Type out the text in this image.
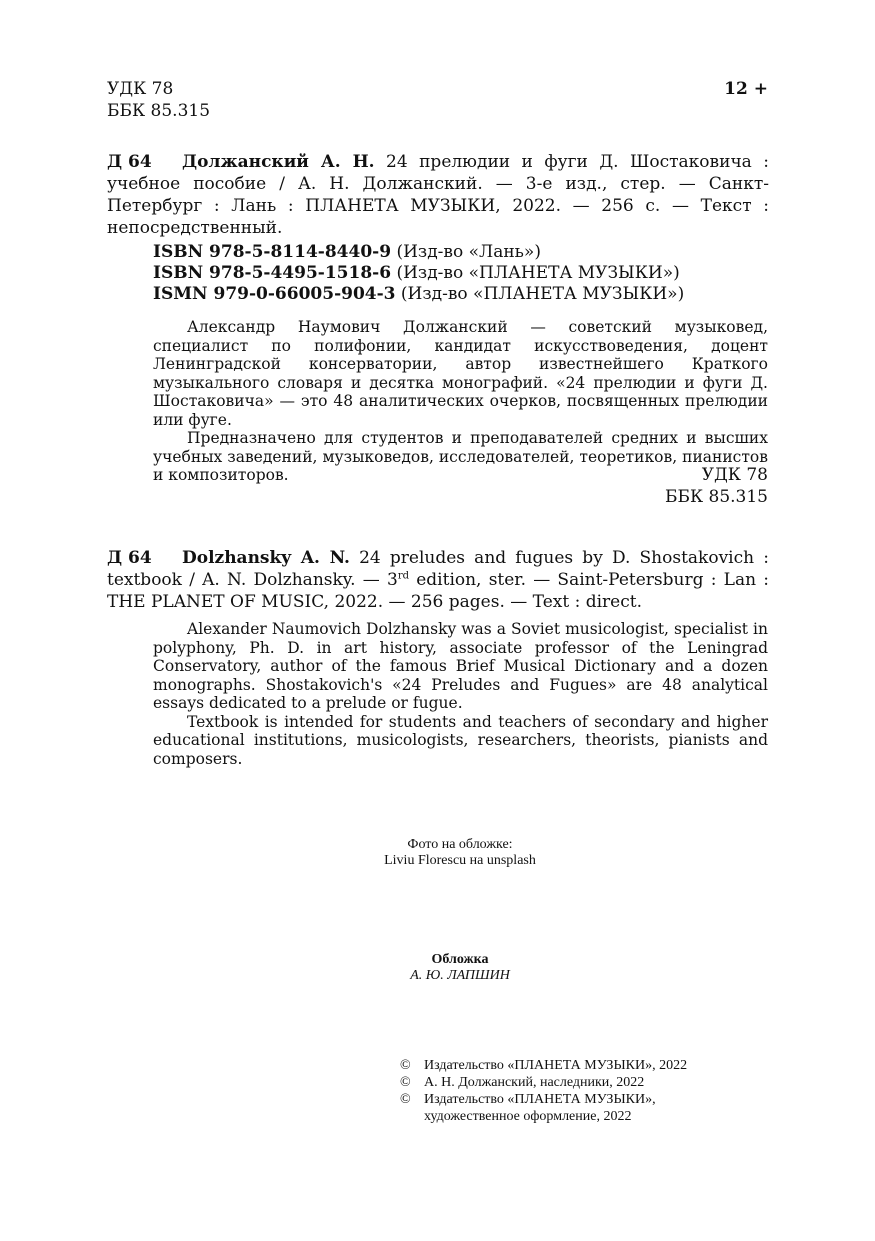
УДК 78
ББК 85.315
12 +
Д 64	Должанский А. Н. 24 прелюдии и фуги Д. Шостаковича : учебное пособие / А. Н. Должанский. — 3-е изд., стер. — Санкт-Петербург : Лань : ПЛАНЕТА МУЗЫКИ, 2022. — 256 с. — Текст : непосредственный.

ISBN 978-5-8114-8440-9 (Изд-во «Лань»)
ISBN 978-5-4495-1518-6 (Изд-во «ПЛАНЕТА МУЗЫКИ»)
ISMN 979-0-66005-904-3 (Изд-во «ПЛАНЕТА МУЗЫКИ»)

Александр Наумович Должанский — советский музыковед, специалист по полифонии, кандидат искусствоведения, доцент Ленинградской консерватории, автор известнейшего Краткого музыкального словаря и десятка монографий. «24 прелюдии и фуги Д. Шостаковича» — это 48 аналитических очерков, посвященных прелюдии или фуге.

Предназначено для студентов и преподавателей средних и высших учебных заведений, музыковедов, исследователей, теоретиков, пианистов и композиторов.	УДК 78
ББК 85.315
Д 64	Dolzhansky A. N. 24 preludes and fugues by D. Shostakovich : textbook / A. N. Dolzhansky. — 3rd edition, ster. — Saint-Petersburg : Lan : THE PLANET OF MUSIC, 2022. — 256 pages. — Text : direct.

Alexander Naumovich Dolzhansky was a Soviet musicologist, specialist in polyphony, Ph. D. in art history, associate professor of the Leningrad Conservatory, author of the famous Brief Musical Dictionary and a dozen monographs. Shostakovich's «24 Preludes and Fugues» are 48 analytical essays dedicated to a prelude or fugue.

Textbook is intended for students and teachers of secondary and higher educational institutions, musicologists, researchers, theorists, pianists and composers.

Фото на обложке:
Liviu Florescu на unsplash
Обложка
А. Ю. ЛАПШИН
© Издательство «ПЛАНЕТА МУЗЫКИ», 2022
© А. Н. Должанский, наследники, 2022
© Издательство «ПЛАНЕТА МУЗЫКИ»,
художественное оформление, 2022
